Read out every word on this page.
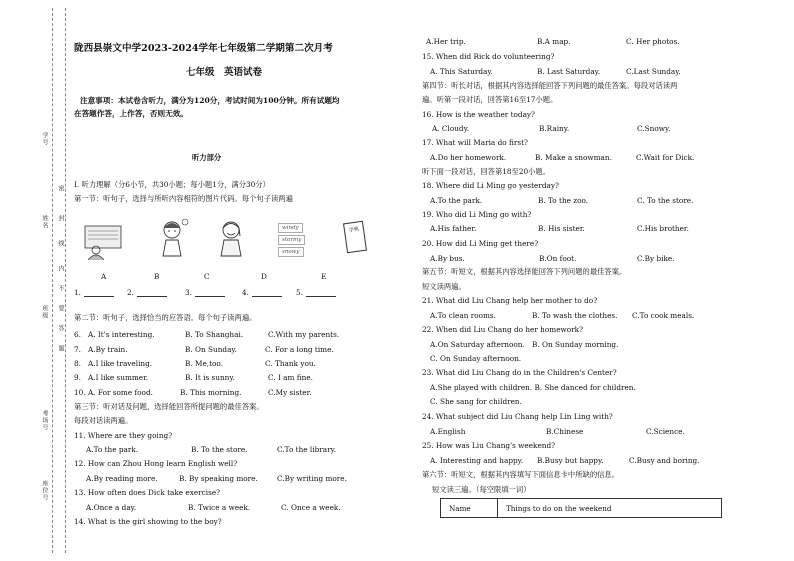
学号
姓名
密
封
线
内
不
要
答
题
班级
考场号
座位号
陇西县崇文中学2023-2024学年七年级第二学期第二次月考
七年级　英语试卷
注意事项：本试卷含听力，满分为120分，考试时间为100分钟。所有试题均
在答题作答，上作答，否则无效。
听力部分
I. 听力理解（分6小节，共30小题；每小题1分，满分30分）
第一节：听句子，选择与所听内容相符的图片代码。每个句子读两遍
windy
stormy
snowy
字典
A	B	C	D	E
1.	2.	3.	4.	5.
第二节：听句子，选择恰当的应答语。每个句子读两遍。
6. A. It's interesting.	B. To Shanghai.	C.With my parents.
7. A.By train.	B. On Sunday.	C. For a long time.
8. A.I like traveling.	B. Me,too.	C. Thank you.
9. A.I like summer.	B. It is sunny.	C. I am fine.
10. A. For some food.	B. This morning.	C.My sister.
第三节：听对话及问题，选择能回答所提问题的最佳答案。
每段对话读两遍。
11. Where are they going?
A.To the park.	B. To the store.	C.To the library.
12. How can Zhou Hong learn English well?
A.By reading more.	B. By speaking more.	C.By writing more.
13. How often does Dick take exercise?
A.Once a day.	B. Twice a week.	C. Once a week.
14. What is the girl showing to the boy?
A.Her trip.	B.A map.	C. Her photos.
15. When did Rick do volunteering?
A. This Saturday.	B. Last Saturday.	C.Last Sunday.
第四节：听长对话，根据其内容选择能回答下列问题的最佳答案。每段对话读两
遍。听第一段对话，回答第16至17小题。
16. How is the weather today?
A. Cloudy.	B.Rainy.	C.Snowy.
17. What will Maria do first?
A.Do her homework.	B. Make a snowman.	C.Wait for Dick.
听下面一段对话，回答第18至20小题。
18. Where did Li Ming go yesterday?
A.To the park.	B. To the zoo.	C. To the store.
19. Who did Li Ming go with?
A.His father.	B. His sister.	C.His brother.
20. How did Li Ming get there?
A.By bus.	B.On foot.	C.By bike.
第五节：听短文，根据其内容选择能回答下列问题的最佳答案。
短文读两遍。
21. What did Liu Chang help her mother to do?
A.To clean rooms.	B. To wash the clothes. C.To cook meals.
22. When did Liu Chang do her homework?
A.On Saturday afternoon. B. On Sunday morning.
C. On Sunday afternoon.
23. What did Liu Chang do in the Children's Center?
A.She played with children. B. She danced for children.
C. She sang for children.
24. What subject did Liu Chang help Lin Ling with?
A.English	B.Chinese	C.Science.
25. How was Liu Chang's weekend?
A. Interesting and happy. B.Busy but happy.	C.Busy and boring.
第六节：听短文，根据其内容填写下面信息卡中所缺的信息。
短文读三遍。（每空限填一词）
Name	Things to do on the weekend
